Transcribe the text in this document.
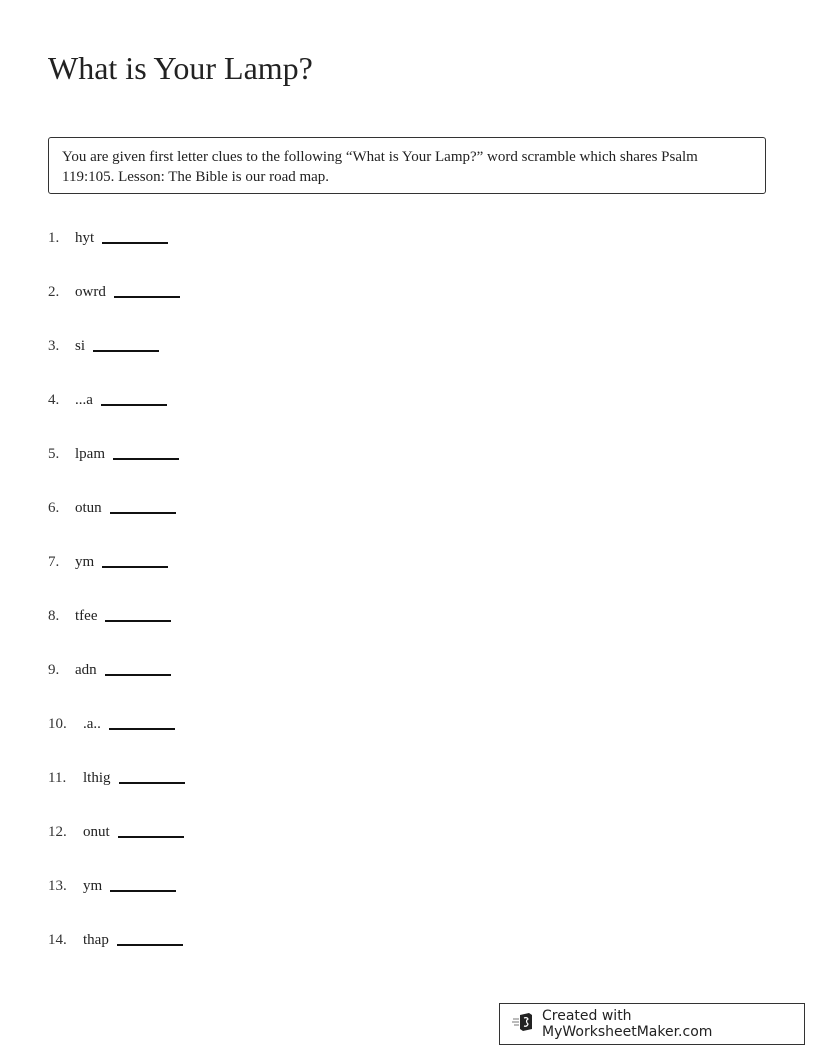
What is Your Lamp?
You are given first letter clues to the following “What is Your Lamp?” word scramble which shares Psalm 119:105. Lesson: The Bible is our road map.
1.	hyt
2.	owrd
3.	si
4.	...a
5.	lpam
6.	otun
7.	ym
8.	tfee
9.	adn
10.	.a..
11.	lthig
12.	onut
13.	ym
14.	thap
Created with MyWorksheetMaker.com
